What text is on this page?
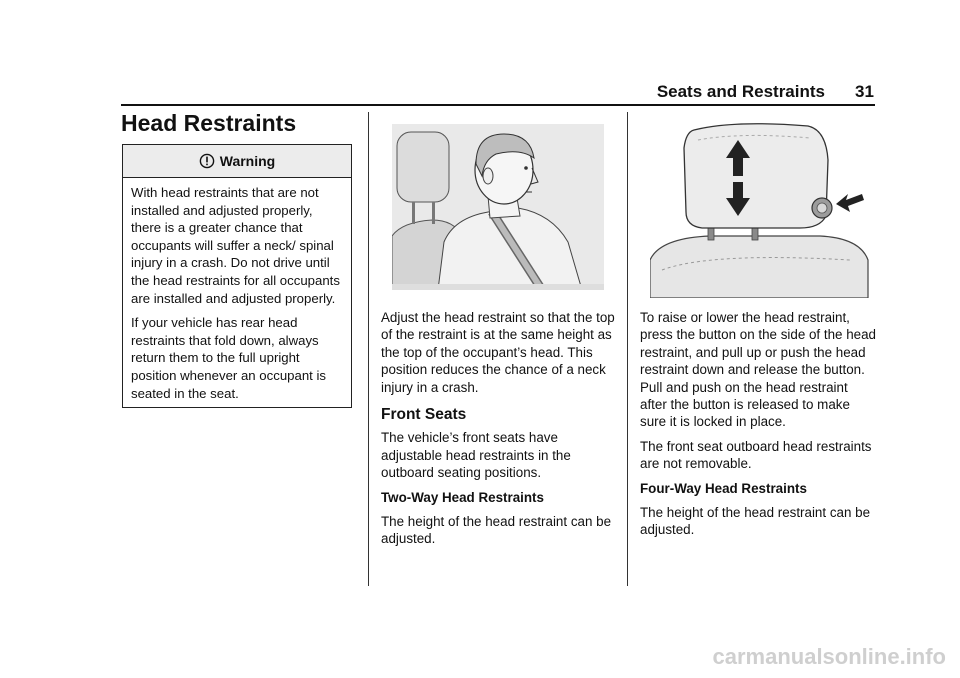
Seats and Restraints 31
Head Restraints
Warning

With head restraints that are not installed and adjusted properly, there is a greater chance that occupants will suffer a neck/ spinal injury in a crash. Do not drive until the head restraints for all occupants are installed and adjusted properly.

If your vehicle has rear head restraints that fold down, always return them to the full upright position whenever an occupant is seated in the seat.

Adjust the head restraint so that the top of the restraint is at the same height as the top of the occupant’s head. This position reduces the chance of a neck injury in a crash.

Front Seats

The vehicle’s front seats have adjustable head restraints in the outboard seating positions.

Two-Way Head Restraints

The height of the head restraint can be adjusted.

To raise or lower the head restraint, press the button on the side of the head restraint, and pull up or push the head restraint down and release the button. Pull and push on the head restraint after the button is released to make sure it is locked in place.

The front seat outboard head restraints are not removable.

Four-Way Head Restraints

The height of the head restraint can be adjusted.

carmanualsonline.info
